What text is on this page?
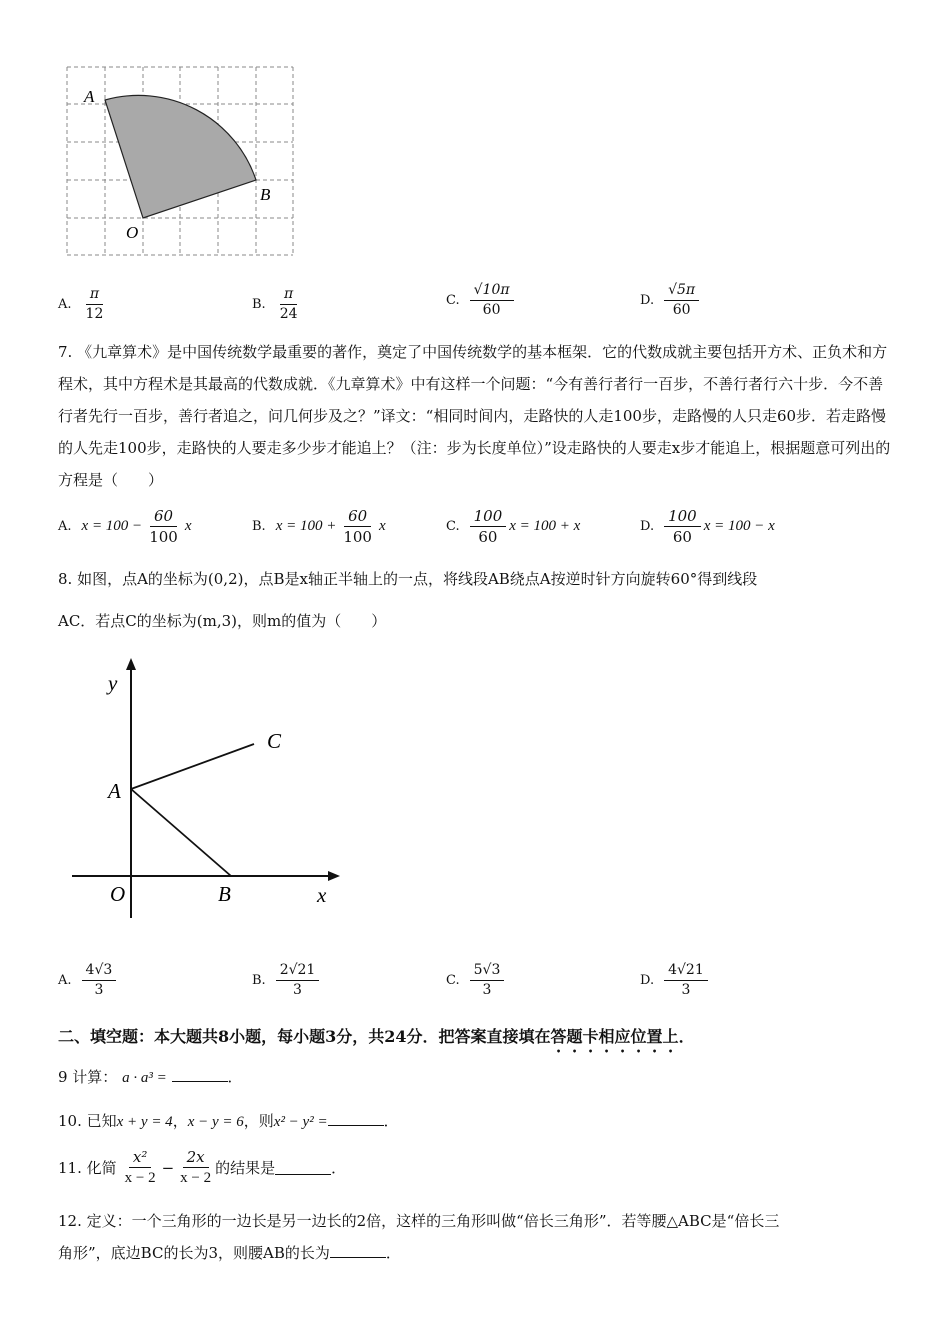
A
B
O
A. $\frac{\pi}{12}$	B. $\frac{\pi}{24}$	C. $\frac{√10\pi}{60}$	D. $\frac{√5\pi}{60}$
7. 《九章算术》是中国传统数学最重要的著作，奠定了中国传统数学的基本框架．它的代数成就主要包括开方术、正负术和方程术，其中方程术是其最高的代数成就．《九章算术》中有这样一个问题：“今有善行者行一百步，不善行者行六十步．今不善行者先行一百步，善行者追之，问几何步及之？”译文：“相同时间内，走路快的人走100步，走路慢的人只走60步．若走路慢的人先走100步，走路快的人要走多少步才能追上？（注：步为长度单位）”设走路快的人要走x步才能追上，根据题意可列出的方程是（　　）
A. $x = 100 - \frac{60}{100}$ x	B. $x = 100 + \frac{60}{100}$ x	C. $\frac{100}{60}$ x = 100 + x	D. $\frac{100}{60}$ x = 100 − x
8. 如图，点A的坐标为(0,2)，点B是x轴正半轴上的一点，将线段AB绕点A按逆时针方向旋转60°得到线段
AC．若点C的坐标为(m,3)，则m的值为（　　）
y
x
C
A
O	B
A. $\frac{4√3}{3}$	B. $\frac{2√21}{3}$	C. $\frac{5√3}{3}$	D. $\frac{4√21}{3}$
二、填空题：本大题共8小题，每小题3分，共24分．把答案直接填在答题卡相应位置上．
9 计算： a · a³ =	．
10. 已知x + y = 4，x − y = 6，则x² − y² =	．
11. 化简 $\frac{\text{x²}}{x - 2} - \frac{2x}{x - 2}$ 的结果是	．
12. 定义：一个三角形的一边长是另一边长的2倍，这样的三角形叫做“倍长三角形”．若等腰△ABC是“倍长三
角形”，底边BC的长为3，则腰AB的长为	．
